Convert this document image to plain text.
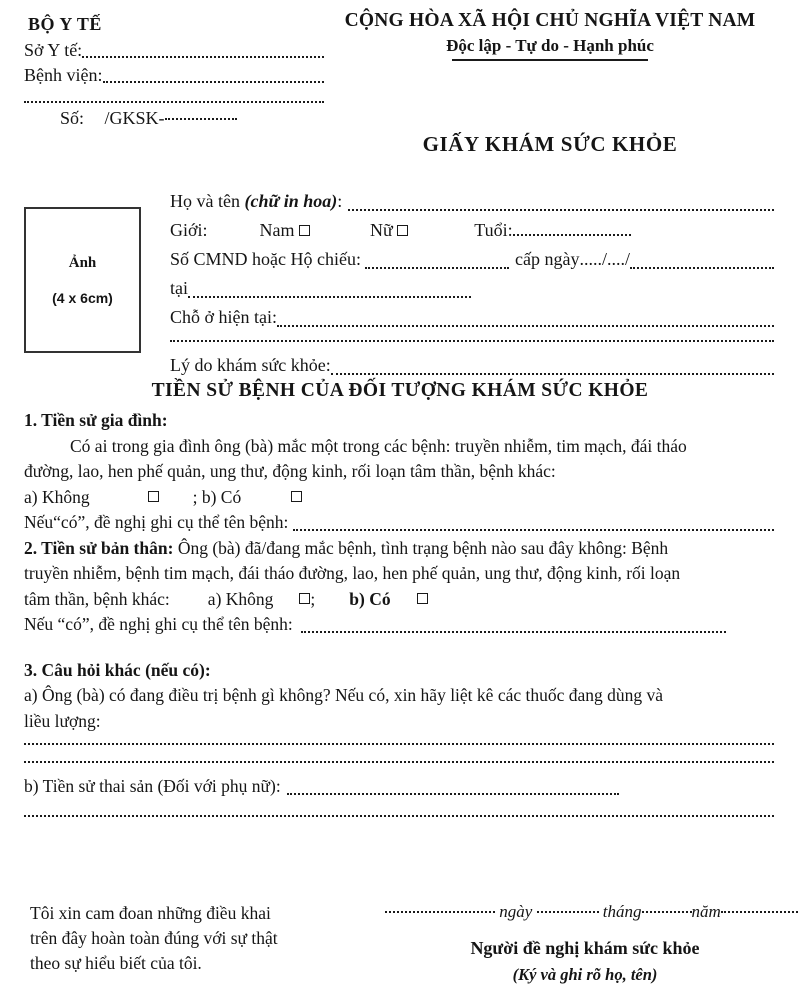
BỘ Y TẾ
Sở Y tế:
Bệnh viện:
Số: /GKSK-
CỘNG HÒA XÃ HỘI CHỦ NGHĨA VIỆT NAM
Độc lập - Tự do - Hạnh phúc
GIẤY KHÁM SỨC KHỎE
Ảnh
(4 x 6cm)
Họ và tên
(chữ in hoa) :
Giới:	Nam
	Nữ
	Tuổi:
Số CMND hoặc Hộ chiếu:	cấp ngày ...../..../
tại
Chỗ ở hiện tại:
Lý do khám sức khỏe:
TIỀN SỬ BỆNH CỦA ĐỐI TƯỢNG KHÁM SỨC KHỎE

1. Tiền sử gia đình:

Có ai trong gia đình ông (bà) mắc một trong các bệnh: truyền nhiễm, tim mạch, đái tháo

đường, lao, hen phế quản, ung thư, động kinh, rối loạn tâm thần, bệnh khác:

a) Không	; b) Có

Nếu“có”, đề nghị ghi cụ thể tên bệnh:

2. Tiền sử bản thân: Ông (bà) đã/đang mắc bệnh, tình trạng bệnh nào sau đây không: Bệnh

truyền nhiễm, bệnh tim mạch, đái tháo đường, lao, hen phế quản, ung thư, động kinh, rối loạn

tâm thần, bệnh khác: a) Không ; b) Có

Nếu “có”, đề nghị ghi cụ thể tên bệnh:

3. Câu hỏi khác (nếu có):

a) Ông (bà) có đang điều trị bệnh gì không? Nếu có, xin hãy liệt kê các thuốc đang dùng và

liều lượng:

b) Tiền sử thai sản (Đối với phụ nữ):
Tôi xin cam đoan những điều khai
trên đây hoàn toàn đúng với sự thật
theo sự hiểu biết của tôi.
ngày	tháng	năm
Người đề nghị khám sức khỏe
(Ký và ghi rõ họ, tên)
